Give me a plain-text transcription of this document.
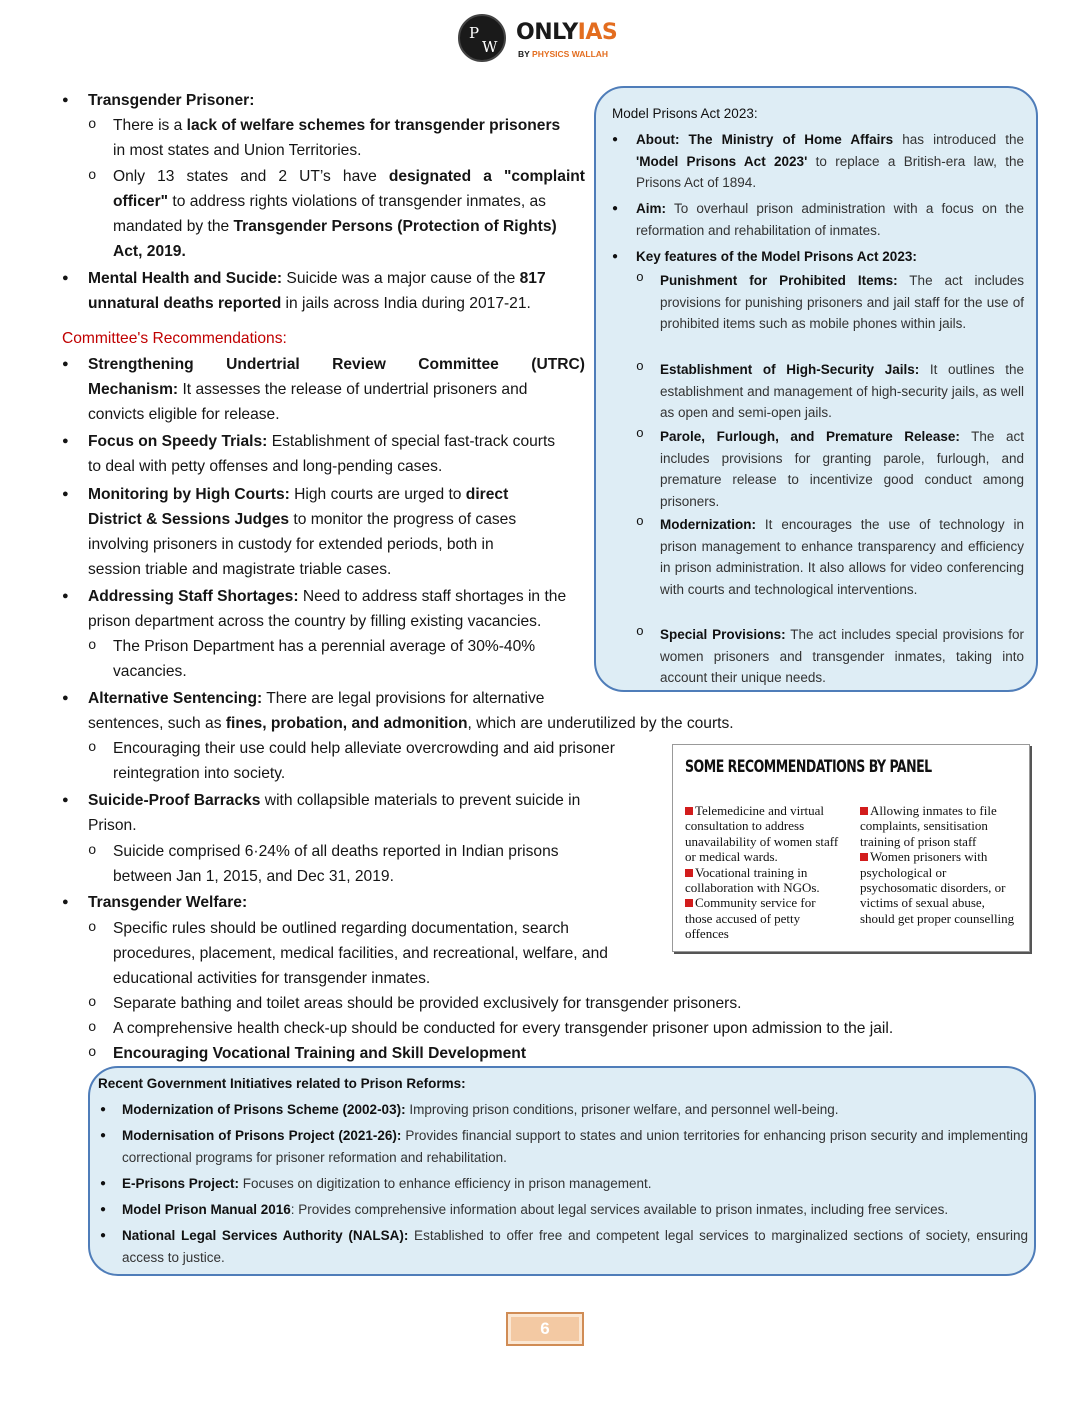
P
W
ONLYIAS
BY PHYSICS WALLAH
● Transgender Prisoner:
o There is a lack of welfare schemes for transgender prisoners
in most states and Union Territories.
o Only 13 states and 2 UT’s have designated a "complaint
officer" to address rights violations of transgender inmates, as
mandated by the Transgender Persons (Protection of Rights)
Act, 2019.
● Mental Health and Sucide: Suicide was a major cause of the 817
unnatural deaths reported in jails across India during 2017-21.
Committee's Recommendations:
● Strengthening Undertrial Review Committee (UTRC)
Mechanism: It assesses the release of undertrial prisoners and
convicts eligible for release.
● Focus on Speedy Trials: Establishment of special fast-track courts
to deal with petty offenses and long-pending cases.
● Monitoring by High Courts: High courts are urged to direct
District & Sessions Judges to monitor the progress of cases
involving prisoners in custody for extended periods, both in
session triable and magistrate triable cases.
● Addressing Staff Shortages: Need to address staff shortages in the
prison department across the country by filling existing vacancies.
o The Prison Department has a perennial average of 30%-40%
vacancies.
● Alternative Sentencing: There are legal provisions for alternative
sentences, such as fines, probation, and admonition, which are underutilized by the courts.
o Encouraging their use could help alleviate overcrowding and aid prisoner
reintegration into society.
● Suicide-Proof Barracks with collapsible materials to prevent suicide in
Prison.
o Suicide comprised 6·24% of all deaths reported in Indian prisons
between Jan 1, 2015, and Dec 31, 2019.
● Transgender Welfare:
o Specific rules should be outlined regarding documentation, search
procedures, placement, medical facilities, and recreational, welfare, and
educational activities for transgender inmates.
o Separate bathing and toilet areas should be provided exclusively for transgender prisoners.
o A comprehensive health check-up should be conducted for every transgender prisoner upon admission to the jail.
o Encouraging Vocational Training and Skill Development
Model Prisons Act 2023:
● About: The Ministry of Home Affairs has introduced the 'Model Prisons Act 2023' to replace a British-era law, the Prisons Act of 1894.
● Aim: To overhaul prison administration with a focus on the reformation and rehabilitation of inmates.
● Key features of the Model Prisons Act 2023:
o Punishment for Prohibited Items: The act includes provisions for punishing prisoners and jail staff for the use of prohibited items such as mobile phones within jails.
o Establishment of High-Security Jails: It outlines the establishment and management of high-security jails, as well as open and semi-open jails.
o Parole, Furlough, and Premature Release: The act includes provisions for granting parole, furlough, and premature release to incentivize good conduct among prisoners.
o Modernization: It encourages the use of technology in prison management to enhance transparency and efficiency in prison administration. It also allows for video conferencing with courts and technological interventions.
o Special Provisions: The act includes special provisions for women prisoners and transgender inmates, taking into account their unique needs.
SOME RECOMMENDATIONS BY PANEL
Telemedicine and virtual consultation to address unavailability of women staff or medical wards.
Vocational training in collaboration with NGOs.
Community service for those accused of petty offences
Allowing inmates to file complaints, sensitisation training of prison staff
Women prisoners with psychological or psychosomatic disorders, or victims of sexual abuse, should get proper counselling
Recent Government Initiatives related to Prison Reforms:
● Modernization of Prisons Scheme (2002-03): Improving prison conditions, prisoner welfare, and personnel well-being.
● Modernisation of Prisons Project (2021-26): Provides financial support to states and union territories for enhancing prison security and implementing correctional programs for prisoner reformation and rehabilitation.
● E-Prisons Project: Focuses on digitization to enhance efficiency in prison management.
● Model Prison Manual 2016: Provides comprehensive information about legal services available to prison inmates, including free services.
● National Legal Services Authority (NALSA): Established to offer free and competent legal services to marginalized sections of society, ensuring access to justice.
6
